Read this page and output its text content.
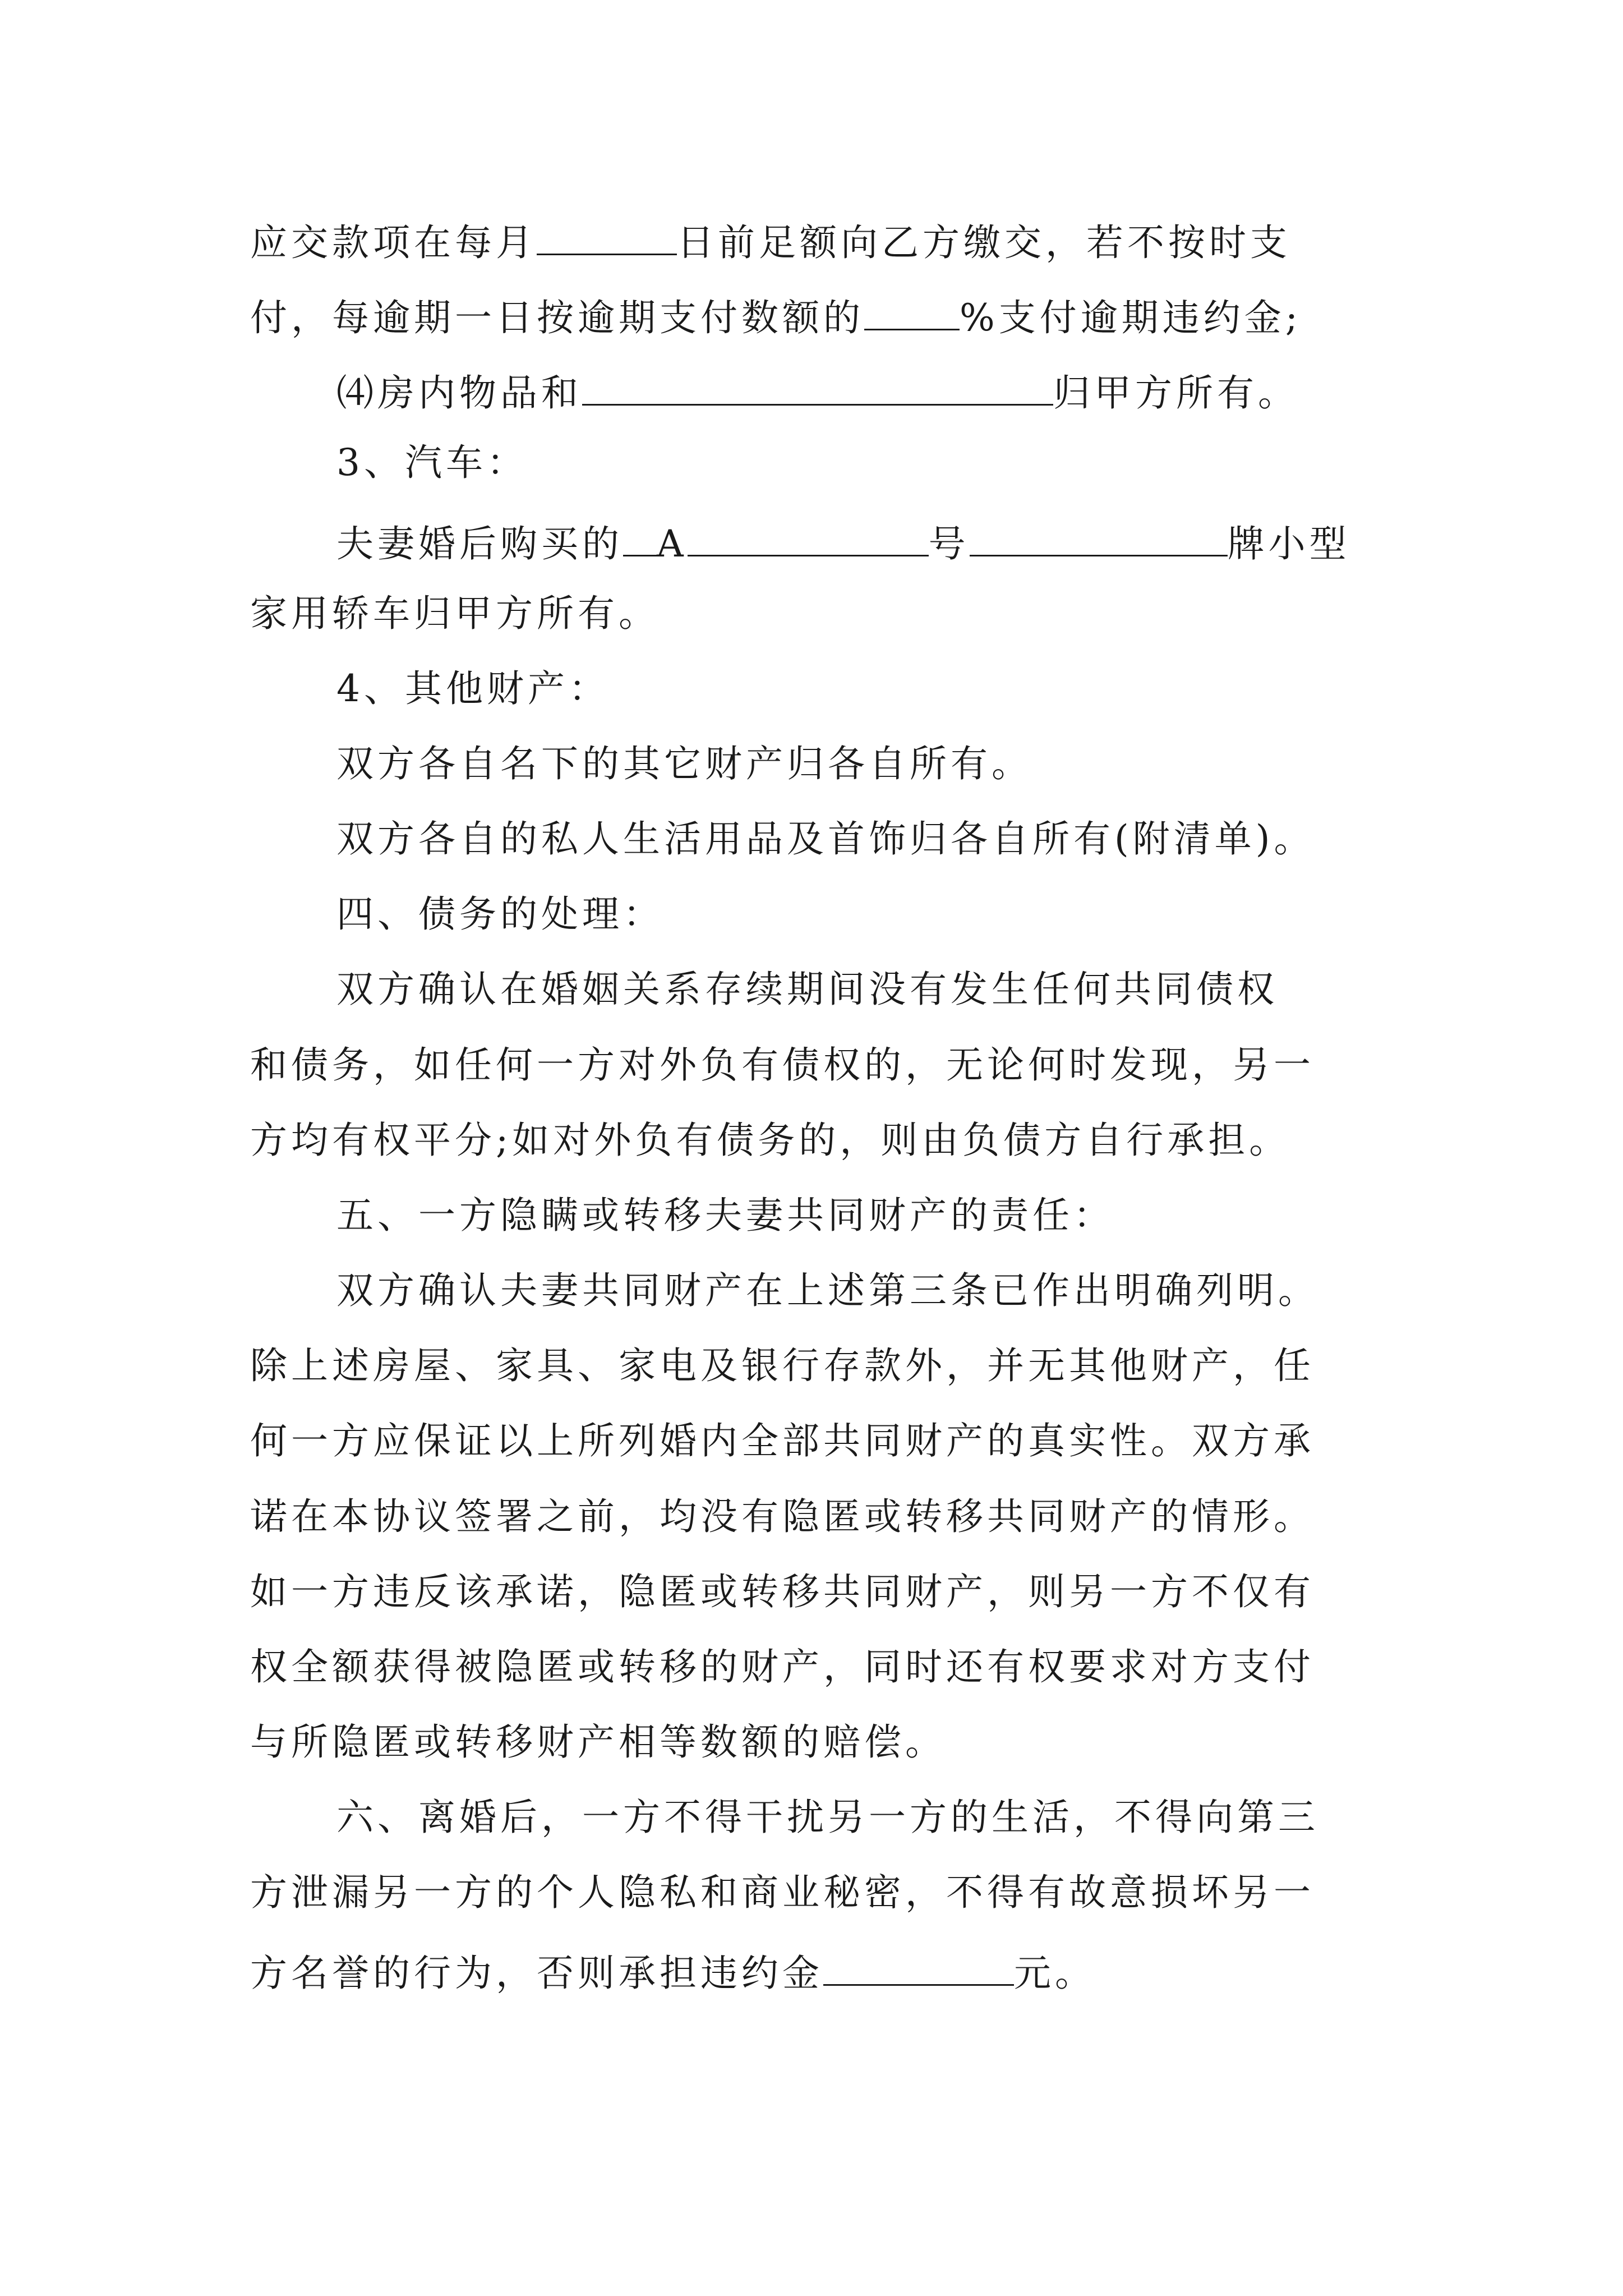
应交款项在每月	日前足额向乙方缴交，若不按时支
付，每逾期一日按逾期支付数额的	%支付逾期违约金;
⑷房内物品和	归甲方所有。
3、汽车：
夫妻婚后购买的 A	号	牌小型
家用轿车归甲方所有。
4、其他财产：
双方各自名下的其它财产归各自所有。
双方各自的私人生活用品及首饰归各自所有(附清单)。
四、债务的处理：
双方确认在婚姻关系存续期间没有发生任何共同债权
和债务，如任何一方对外负有债权的，无论何时发现，另一
方均有权平分;如对外负有债务的，则由负债方自行承担。
五、一方隐瞒或转移夫妻共同财产的责任：
双方确认夫妻共同财产在上述第三条已作出明确列明。
除上述房屋、家具、家电及银行存款外，并无其他财产，任
何一方应保证以上所列婚内全部共同财产的真实性。双方承
诺在本协议签署之前，均没有隐匿或转移共同财产的情形。
如一方违反该承诺，隐匿或转移共同财产，则另一方不仅有
权全额获得被隐匿或转移的财产，同时还有权要求对方支付
与所隐匿或转移财产相等数额的赔偿。
六、离婚后，一方不得干扰另一方的生活，不得向第三
方泄漏另一方的个人隐私和商业秘密，不得有故意损坏另一
方名誉的行为，否则承担违约金	元。
